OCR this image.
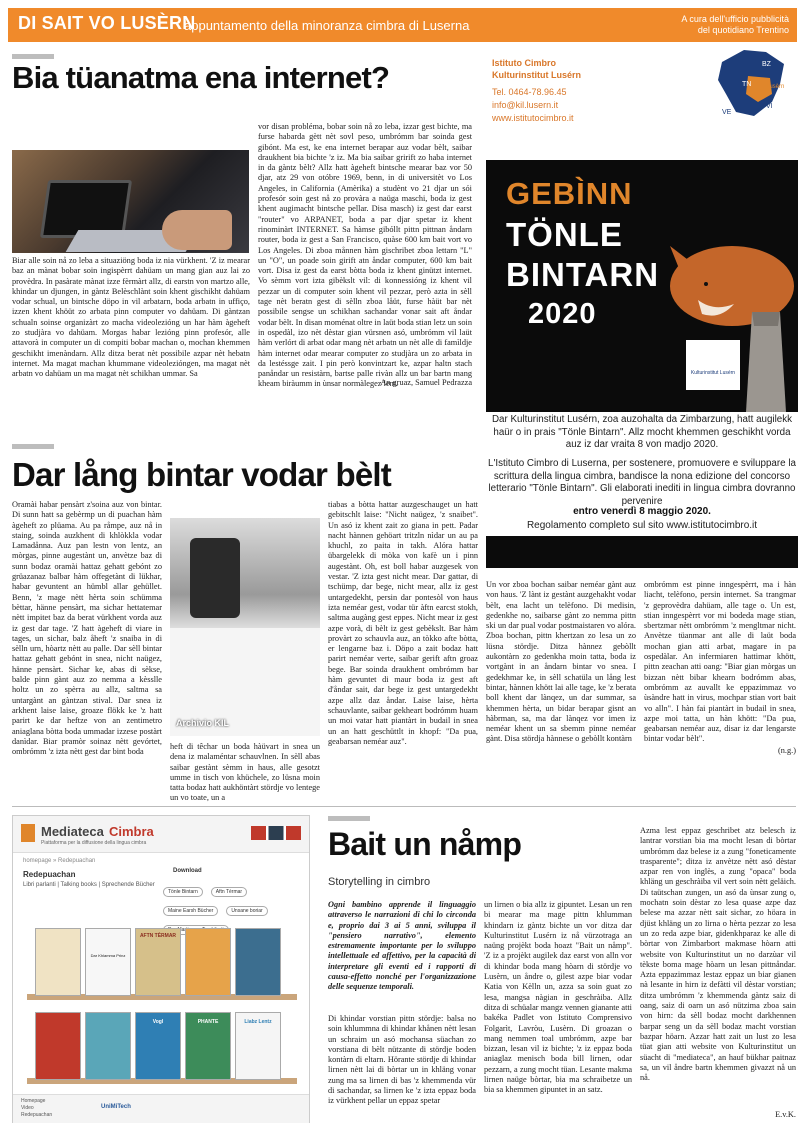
DI SAIT VO LUSÈRN
appuntamento della minoranza cimbra di Luserna	A cura dell'ufficio pubblicità del quotidiano Trentino
Bia tüanatma ena internet?
Biar alle soin nå zo leba a situaziöng boda iz nia vürkhent. 'Z iz mearar baz an mànat bobar soin ingispèrrt dahüam un mang gian auz lai zo provèdra. In pasàrate mànat izze fèrmàrt allz, di earstn von martzo alle, khindar un djungen, in gàntz Belèschlànt soin khent gischikht dahüam vodar schual, un bintsche döpo in vil arbatarn, boda arbatn in uffiço, izzen khent khöüt zo arbata pinn computer vo dahüam. Di gàntzan schualn soinse organizàrt zo macha videolezióng un har hàm àgeheft zo studjàra vo dahüam. Morgas habar lezióng pinn profesór, alle attavorà in computer un di compiti bobar machan o, mochan khemmen geschikht imenàndarn. Allz ditza berat nèt possibile azpar nèt hebatn internet. Ma magat machan khummane videolezióngen, ma magat nèt arbatn vo dahüam un ma magat nèt schikhan ummar. Sa
vor disan probléma, bobar soin nå zo leba, izzar gest bichte, ma furse habarda gètt nèt sovl peso, umbrómm bar soinda gest gibónt. Ma est, ke ena internet berapar auz vodar bèlt, saibar draukhent bia bichte 'z iz. Ma bia saibar gririft zo haba internet in da gàntz bèlt? Allz hatt àgeheft bintsche mearar baz vor 50 djar, atz 29 von otóbre 1969, benn, in di universitèt vo Los Angeles, in California (Amèrika) a studènt vo 21 djar un sói profesór soin gest nå zo provàra a naüga maschi, boda iz gest khent augimacht bintsche pellar. Disa masch) iz gest dar earst "router" vo ARPANET, boda a par djar spetar iz khent rinominàrt INTERNET. Sa hàmse gibóllt pittn pittnan åndarn router, boda iz gest a San Francisco, quàse 600 km bait vort vo Los Angeles. Di zboa månnen hàm gischribet zboa lettarn "L" un "O", un poade soin girift atn åndar computer, 600 km bait vort. Disa iz gest da earst bòtta boda iz khent ginützt internet. Vo sèmm vort izta gibèkslt vil: di konnessióng iz khent vil pezzar un di computer soin khent vil pezzar, però azta in sèll tage nèt beratn gest di sèlln zboa låüt, furse hàüt bar nèt possibile sengse un schikhan sachandar vonar sait aft åndar vodar bèlt. In disan moménat oltre in laüt boda stian letz un soin in ospedàl, izo nèt dèstar gian vürsnen asó, umbrómm vil laüt hàm verlórt di arbat odar mang nèt arbatn un nèt alle di famìldje hàm internet odar mearar computer zo studjàra un zo arbata in da lestéssge zait. I pin però konvintzart ke, azpar haltn stach panåndar un resistàrn, bartse palle rivàn allz un bar bartn mang kheam biràumm in ùnsar normàlegez lem.
An gruaz, Samuel Pedrazza
Istituto Cimbro
Kulturinstitut Lusérn
Tel. 0464-78.96.45
info@kil.lusern.it
www.istitutocimbro.it
BZ
TN
VI
VE
Lusèrn
GEBÌNN
TÖNLE
BINTARN
2020
Kulturinstitut Lusérn
Dar Kulturinstitut Lusérn, zoa auzohalta da Zimbarzung, hatt augilekk haür o in prais "Tönle Bintarn". Allz mocht khemmen geschikht vorda auz iz dar vraita 8 von madjo 2020.
L'Istituto Cimbro di Luserna, per sostenere, promuovere e sviluppare la scrittura della lingua cimbra, bandisce la nona edizione del concorso letterario "Tönle Bintarn". Gli elaborati inediti in lingua cimbra dovranno pervenire
entro venerdì 8 maggio 2020.
Regolamento completo sul sito www.istitutocimbro.it
Dar lång bintar vodar bèlt
Oramài habar pensàrt z'soina auz von bintar. Di sunn hatt sa gebèrmp un di puachan hàm àgeheft zo plüama. Au pa råmpe, auz nå in staing, soinda auzkhent di khlòkkla vodar Lamadånna. Auz pan lestn von lentz, an mòrgas, pinne augestànt un, anvètze baz di sunn bodaz oramài hattaz gehatt gebónt zo grüazanaz balbar hàm offegetànt di lükhar, habar gevuntent an hümbl allar gehüllet. Benn, 'z mage nètt hèrta soin schümma bèttar, hänne pensàrt, ma sichar hettatemar nètt impitet baz da berat vürkhent vorda auz iz gest dar tage. 'Z hatt àgeheft di viare in tages, un sichar, balz åheft 'z snaiba in di sèlln urn, hòartz nètt au palle. Dar sèll bintar hattaz gehatt gebónt in snea, nicht naügez, hänne pensàrt. Sichar ke, abas di sèkse, balde pinn gànt auz zo nemma a kèsslle holtz un zo spèrra au allz, saltma sa untargànt an gàntzan stival. Dar snea iz arkhent laise laise, groaze flökk ke 'z hatt parirt ke dar heftze von an zentimetro aniaglana bòtta boda ummadar izzese postàrt danìdar. Biar pramòr soinaz nètt gevórtet, ombrómm 'z izta nètt gest dar bint boda
Archivio KIL
heft di têchar un boda hàüvart in snea un dena iz malaméntar schauvlnen. In sèll abas saibar gestànt sèmm in haus, alle gesotzt umme in tisch von khüchele, zo lüsna moin tatta bodaz hatt aukhöntàrt stördje vo lentege un vo toate, un a
tiabas a bòtta hattar auzgeschauget un hatt gebitschlt laise: "Nicht naügez, 'z snaibet". Un asó iz khent zait zo giana in pett. Padar nacht hànnen gehöart tritzln nìdar un au pa khuchl, zo paita in takh. Alóra hattar übargelekk di mòka von kafè un i pinn augestànt. Oh, est boll habar auzgesek von vestar. 'Z izta gest nicht mear. Dar gattar, di tschümp, dar bege, nicht mear, allz iz gest untargedekht, persin dar pontesòl von haus izta neméar gest, vodar tür àftn earcst stokh, saltma augàng gest eppes. Nicht mear iz gest azpe vorà, di bèlt iz gest gebèkslt. Bar hàm provàrt zo schauvla auz, an tòkko afte bòtta, er lengarne baz i. Döpo a zait bodaz hatt parirt neméar verte, saibar gerift aftn groaz bege. Bar soinda draukhent ombrómm bar hàm gevuntet di maur boda iz gest aft d'åndar sait, dar bege iz gest untargedekht azpe allz daz åndar. Laise laise, hèrta schauvlante, saibar gekheart bodrómm huam un moi vatar hatt piantàrt in budail in snea un an hatt geschüttlt in khopf: "Da pua, geabarsan neméar auz".
Un vor zboa bochan saibar neméar gànt auz von haus. 'Z lànt iz gestànt auzgehakht vodar bèlt, ena lacht un telèfono. Di medisin, gedenkhe no, saibarse gànt zo nemma pittn ski un dar pual vodar postmaistaren vo alóra. Zboa bochan, pittn khertzan zo lesa un zo lüsna stördje. Ditza hànnez gebòllt aukontàrn zo gedenkha moin tatta, boda iz vortgànt in an åndarn bintar vo snea. I gedekhmar ke, in sèll schatüla un lång lest bintar, hànnen khött lai alle tage, ke 'z berata boll khent dar lànqez, un dar summar, sa khemmen hèrta, un bidar berapar gisnt an hàbrman, sa, ma dar lànqez vor imen iz neméar khent un sa sbemm pinne neméar gànt. Disa stördja hànnese o gebòllt kontàrn
ombrómm est pinne inngespèrrt, ma i hàn liacht, telèfono, persin internet. Sa trangmar 'z geprovèdra dahüam, alle tage o. Un est, stian inngespèrrt vor mi bodeda mage stian, sbertzmar nètt ombrómm 'z mengltmar nicht. Anvètze tüanmar ant alle di laüt boda mochan gian atti arbat, magare in pa ospedàlar. An infermiaren hattimar khött, pittn zeachan atti oang: "Biar gian mòrgas un bizzan nètt bibar khearn bodrómm abas, ombrómm az auvallt ke eppazimmaz vo ùsàndre hatt in virus, mochpar stian vort bait vo alln". I hàn fai piantàrt in budail in snea, azpe moi tatta, un hàn khött: "Da pua, geabarsan neméar auz, disar iz dar lengarste bintar vodar bèlt".
(n.g.)
Mediateca Cimbra
Piattaforma per la diffusione della lingua cimbra
homepage » Redepuachan
Redepuachan
Libri parlanti | Talking books | Sprechende Bücher
Download
Tönle Bintarn	Aftn Tèrmar Maine Earsh Bücher	Unsane boriar
Dar Khlamma Prinz
AFTN TÈRMAR
Vogl	PHANTE	Liabz Lentz
Homepage
Video
Redepuachan
UniMiTech
Bait un nåmp
Storytelling in cimbro
Ogni bambino apprende il linguaggio attraverso le narrazioni di chi lo circonda e, proprio dai 3 ai 5 anni, sviluppa il "pensiero narrativo", elemento estremamente importante per lo sviluppo intellettuale ed affettivo, per la capacità di interpretare gli eventi ed i rapporti di causa-effetto nonché per l'organizzazione delle sequenze temporali.
Di khindar vorstian pittn stördje: balsa no soin khlummna di khindar khånen nètt lesan un schraim un asó mochansa süachan zo vorstiana di bèlt nützante di stördje boden kontàrn di eltarn. Hörante stördje di khindar lirnen nètt lai di bòrtar un in khläng vonar zung ma sa lirnen di bas 'z khemmenda vür di sachandar, sa lirnen ke 'z izta eppaz boda iz vürkhent pellar un eppaz spetar
un lirnen o bia allz iz gipuntet. Lesan un ren bi mearar ma mage pittn khlumman khindarn iz gàntz bichte un vor ditza dar Kulturinstitut Lusérn iz nå vürzotraga an naüng projèkt boda hoazt "Bait un nåmp". 'Z iz a projèkt augilek daz earst von alln vor di khindar boda mang hòarn di stördje vo Lusèrn, un åndre o, gilest azpe biar vodar Katia von Kèlln un, azza sa soin guat zo lesa, mangsa nàgian in geschràiba. Allz ditza di schüalar mangz vennen gianante atti bakéka Padlet von Istituto Comprensivo Folgarìt, Lavròu, Lusèrn. Di groazan o mang nemmen toal umbrómm, azpe bar bizzan, lesan vil iz bichte; 'z iz eppaz boda aniaglaz menisch boda bill lirnen, odar pezzarn, a zung mocht tüan. Lesante makma lirnen naüge bòrtar, bia ma schraibetze un bia sa khemmen gipuntet in an satz.
Azma lest eppaz geschribet atz belesch iz lantrar vorstian bia ma mocht lesan di bòrtar umbrómm daz belese iz a zung "foneticamente trasparente"; ditza iz anvètze nètt asó dèstar azpar ren von inglès, a zung "opaca" boda khläng un geschràiba vil vert soin nètt geläich. Di taütschan zungen, un asó da ùnsar zung o, mochatn soin dèstar zo lesa quase azpe daz belese ma azzar nètt sait sichar, zo höara in djüst khläng un zo lirna o hèrta pezzar zo lesa un zo reda azpe biar, gidenkhparaz ke alle di bòrtar von Zimbarbort makmase hòarn atti website von Kulturinstitut un no darzùar vil tèkste boma mage hòarn un lesan pittnåndar. Azta eppazimmaz lestaz eppaz un biar gianen nà lesante in hirn iz defàtti vil dèstar vorstian; ditza umbrómm 'z khemmenda gàntz saiz di oang, saiz di oarn un asó nützima zboa sain von hirn: da sèll bodaz mocht darkhennen barpar seng un da sèll bodaz macht vorstian bazpar höarn. Azzar hatt zait un lust zo lesa tüat gian atti website von Kulturinstitut un süacht di "mediateca", an hauf bükhar paitnaz sa, un vil åndre bartn khemmen givazzt nå un nå.
E.v.K.
